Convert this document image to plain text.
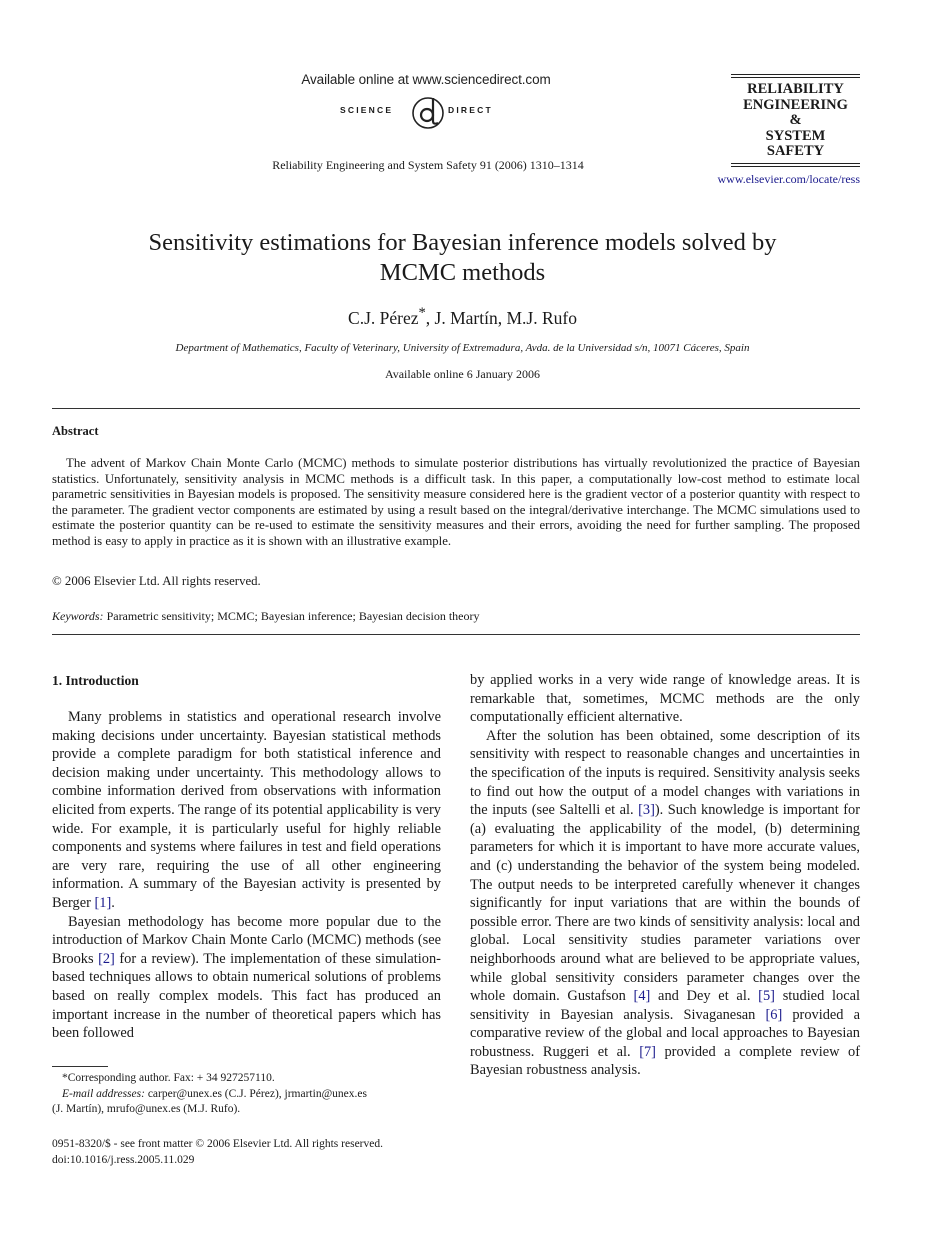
Available online at www.sciencedirect.com
SCIENCE	DIRECT
Reliability Engineering and System Safety 91 (2006) 1310–1314
RELIABILITY
ENGINEERING
&
SYSTEM
SAFETY
www.elsevier.com/locate/ress
Sensitivity estimations for Bayesian inference models solved by
MCMC methods
C.J. Pérez*, J. Martín, M.J. Rufo
Department of Mathematics, Faculty of Veterinary, University of Extremadura, Avda. de la Universidad s/n, 10071 Cáceres, Spain
Available online 6 January 2006
Abstract
The advent of Markov Chain Monte Carlo (MCMC) methods to simulate posterior distributions has virtually revolutionized the practice of Bayesian statistics. Unfortunately, sensitivity analysis in MCMC methods is a difficult task. In this paper, a computationally low-cost method to estimate local parametric sensitivities in Bayesian models is proposed. The sensitivity measure considered here is the gradient vector of a posterior quantity with respect to the parameter. The gradient vector components are estimated by using a result based on the integral/derivative interchange. The MCMC simulations used to estimate the posterior quantity can be re-used to estimate the sensitivity measures and their errors, avoiding the need for further sampling. The proposed method is easy to apply in practice as it is shown with an illustrative example.
© 2006 Elsevier Ltd. All rights reserved.
Keywords: Parametric sensitivity; MCMC; Bayesian inference; Bayesian decision theory
1. Introduction

Many problems in statistics and operational research involve making decisions under uncertainty. Bayesian statistical methods provide a complete paradigm for both statistical inference and decision making under uncertainty. This methodology allows to combine information derived from observations with information elicited from experts. The range of its potential applicability is very wide. For example, it is particularly useful for highly reliable components and systems where failures in test and field operations are very rare, requiring the use of all other engineering information. A summary of the Bayesian activity is presented by Berger [1].

Bayesian methodology has become more popular due to the introduction of Markov Chain Monte Carlo (MCMC) methods (see Brooks [2] for a review). The implementation of these simulation-based techniques allows to obtain numerical solutions of problems based on really complex models. This fact has produced an important increase in the number of theoretical papers which has been followed

by applied works in a very wide range of knowledge areas. It is remarkable that, sometimes, MCMC methods are the only computationally efficient alternative.

After the solution has been obtained, some description of its sensitivity with respect to reasonable changes and uncertainties in the specification of the inputs is required. Sensitivity analysis seeks to find out how the output of a model changes with variations in the inputs (see Saltelli et al. [3]). Such knowledge is important for (a) evaluating the applicability of the model, (b) determining parameters for which it is important to have more accurate values, and (c) understanding the behavior of the system being modeled. The output needs to be interpreted carefully whenever it changes significantly for input variations that are within the bounds of possible error. There are two kinds of sensitivity analysis: local and global. Local sensitivity studies parameter variations over neighborhoods around what are believed to be appropriate values, while global sensitivity considers parameter changes over the whole domain. Gustafson [4] and Dey et al. [5] studied local sensitivity in Bayesian analysis. Sivaganesan [6] provided a comparative review of the global and local approaches to Bayesian robustness. Ruggeri et al. [7] provided a complete review of Bayesian robustness analysis.

*Corresponding author. Fax: + 34 927257110.
E-mail addresses: carper@unex.es (C.J. Pérez), jrmartin@unex.es
(J. Martín), mrufo@unex.es (M.J. Rufo).
0951-8320/$ - see front matter © 2006 Elsevier Ltd. All rights reserved.
doi:10.1016/j.ress.2005.11.029
